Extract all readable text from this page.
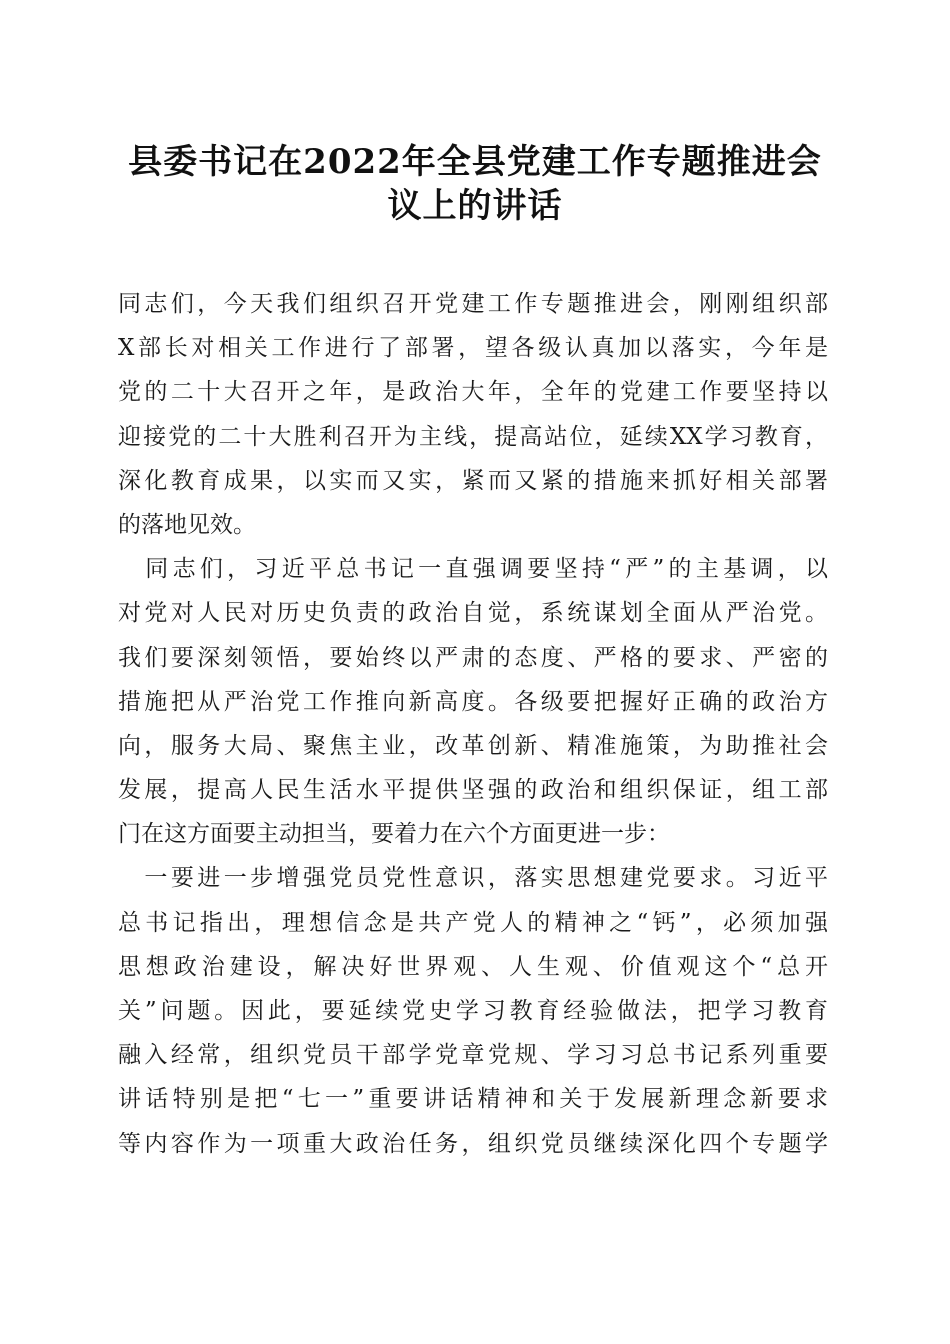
县委书记在2022年全县党建工作专题推进会
议上的讲话
同志们，今天我们组织召开党建工作专题推进会，刚刚组织部
X部长对相关工作进行了部署，望各级认真加以落实，今年是
党的二十大召开之年，是政治大年，全年的党建工作要坚持以
迎接党的二十大胜利召开为主线，提高站位，延续XX学习教育，
深化教育成果，以实而又实，紧而又紧的措施来抓好相关部署
的落地见效。
　同志们，习近平总书记一直强调要坚持“严”的主基调，以
对党对人民对历史负责的政治自觉，系统谋划全面从严治党。
我们要深刻领悟，要始终以严肃的态度、严格的要求、严密的
措施把从严治党工作推向新高度。各级要把握好正确的政治方
向，服务大局、聚焦主业，改革创新、精准施策，为助推社会
发展，提高人民生活水平提供坚强的政治和组织保证，组工部
门在这方面要主动担当，要着力在六个方面更进一步：
　一要进一步增强党员党性意识，落实思想建党要求。习近平
总书记指出，理想信念是共产党人的精神之“钙”，必须加强
思想政治建设，解决好世界观、人生观、价值观这个“总开
关”问题。因此，要延续党史学习教育经验做法，把学习教育
融入经常，组织党员干部学党章党规、学习习总书记系列重要
讲话特别是把“七一”重要讲话精神和关于发展新理念新要求
等内容作为一项重大政治任务，组织党员继续深化四个专题学
